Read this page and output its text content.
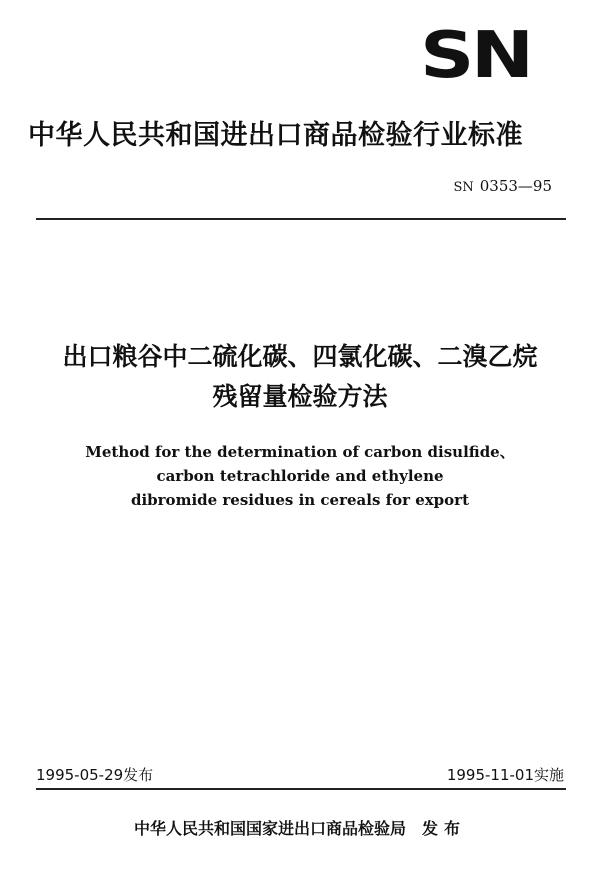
SN
中华人民共和国进出口商品检验行业标准
SN 0353—95
出口粮谷中二硫化碳、四氯化碳、二溴乙烷
残留量检验方法
Method for the determination of carbon disulfide、
carbon tetrachloride and ethylene
dibromide residues in cereals for export
1995-05-29发布	1995-11-01实施
中华人民共和国国家进出口商品检验局 发布
